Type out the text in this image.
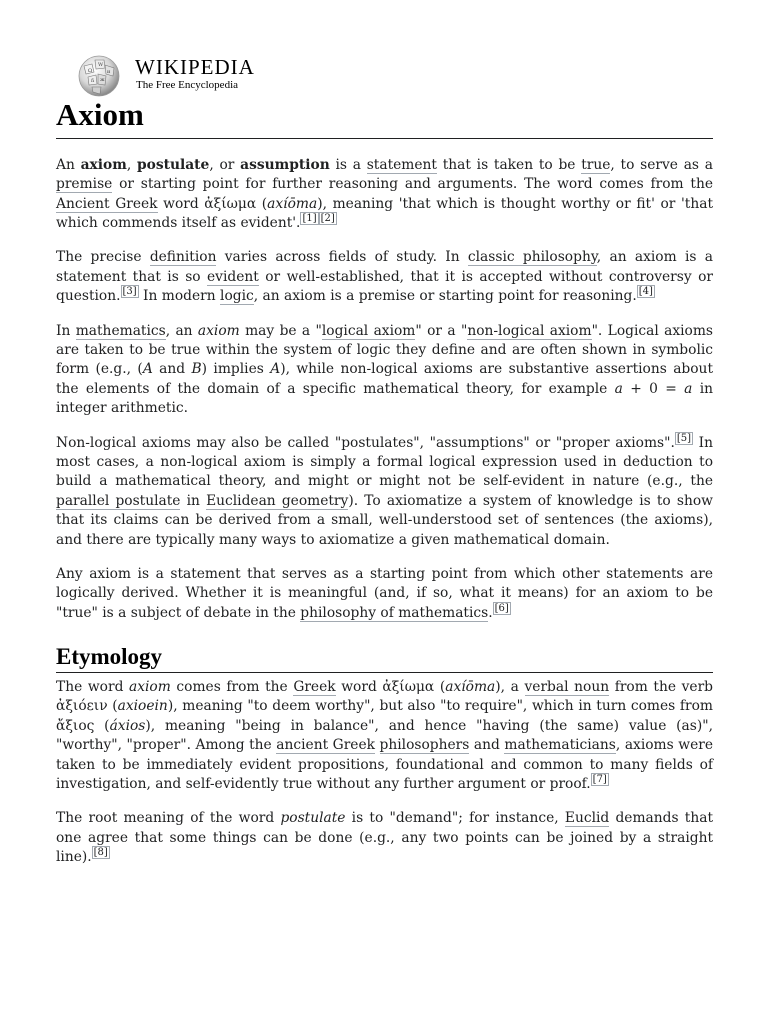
Ω
W
и
ñ ж
WIKIPEDIA
The Free Encyclopedia
Axiom

An axiom, postulate, or assumption is a statement that is taken to be true, to serve as a premise or starting point for further reasoning and arguments. The word comes from the Ancient Greek word ἀξίωμα (axíōma), meaning 'that which is thought worthy or fit' or 'that which commends itself as evident'. [1] [2]

The precise definition varies across fields of study. In classic philosophy, an axiom is a statement that is so evident or well-established, that it is accepted without controversy or question. [3] In modern logic, an axiom is a premise or starting point for reasoning. [4]

In mathematics, an axiom may be a "logical axiom" or a "non-logical axiom". Logical axioms are taken to be true within the system of logic they define and are often shown in symbolic form (e.g., (A and B) implies A), while non-logical axioms are substantive assertions about the elements of the domain of a specific mathematical theory, for example a + 0 = a in integer arithmetic.

Non-logical axioms may also be called "postulates", "assumptions" or "proper axioms". [5] In most cases, a non-logical axiom is simply a formal logical expression used in deduction to build a mathematical theory, and might or might not be self-evident in nature (e.g., the parallel postulate in Euclidean geometry). To axiomatize a system of knowledge is to show that its claims can be derived from a small, well-understood set of sentences (the axioms), and there are typically many ways to axiomatize a given mathematical domain.

Any axiom is a statement that serves as a starting point from which other statements are logically derived. Whether it is meaningful (and, if so, what it means) for an axiom to be "true" is a subject of debate in the philosophy of mathematics. [6]

Etymology

The word axiom comes from the Greek word ἀξίωμα (axíōma), a verbal noun from the verb ἀξιόειν (axioein), meaning "to deem worthy", but also "to require", which in turn comes from ἄξιος (áxios), meaning "being in balance", and hence "having (the same) value (as)", "worthy", "proper". Among the ancient Greek philosophers and mathematicians, axioms were taken to be immediately evident propositions, foundational and common to many fields of investigation, and self-evidently true without any further argument or proof. [7]

The root meaning of the word postulate is to "demand"; for instance, Euclid demands that one agree that some things can be done (e.g., any two points can be joined by a straight line). [8]
